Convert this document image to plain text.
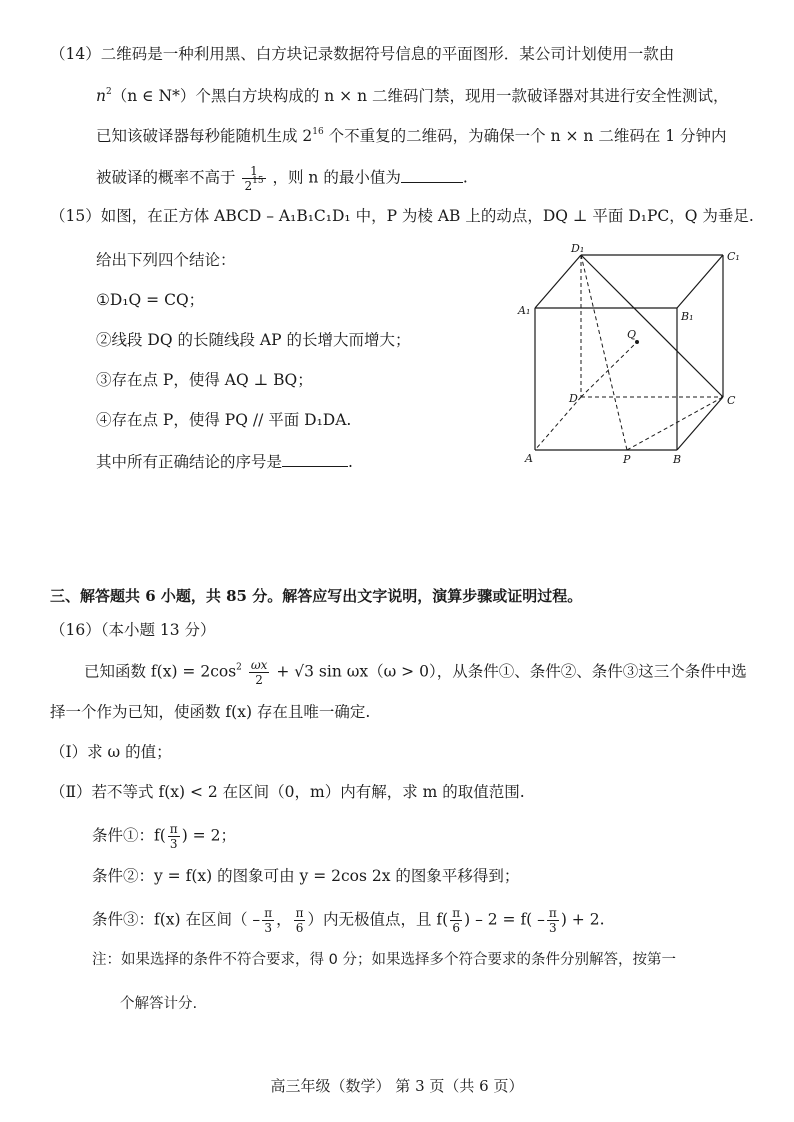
（14）二维码是一种利用黑、白方块记录数据符号信息的平面图形．某公司计划使用一款由
$n^2(n$ ∈ N*）个黑白方块构成的 n × n 二维码门禁，现用一款破译器对其进行安全性测试，
已知该破译器每秒能随机生成 $2^{16}$ 个不重复的二维码，为确保一个 n × n 二维码在 1 分钟内
被破译的概率不高于 $\frac{1}{2^{15}}$ ，则 n 的最小值为	.
（15）如图，在正方体 ABCD – A₁B₁C₁D₁ 中，P 为棱 AB 上的动点，DQ ⊥ 平面 D₁PC，Q 为垂足.
给出下列四个结论：
①D₁Q = CQ；
②线段 DQ 的长随线段 AP 的长增大而增大；
③存在点 P，使得 AQ ⊥ BQ；
④存在点 P，使得 PQ // 平面 D₁DA.
其中所有正确结论的序号是	.
D₁
C₁
A₁	B₁
Q
D	C
A	P	B
三、解答题共 6 小题，共 85 分。解答应写出文字说明，演算步骤或证明过程。
（16）（本小题 13 分）
已知函数 $f(x) = 2\cos^2 \frac{\omega x}{2} + √3$ sin ωx（ω > 0），从条件①、条件②、条件③这三个条件中选
择一个作为已知，使函数 f(x) 存在且唯一确定.
（Ⅰ）求 ω 的值；
（Ⅱ）若不等式 f(x) < 2 在区间（0，m）内有解，求 m 的取值范围.
条件①：$f( \frac{\pi}{3}$ ) = 2；
条件②：y = f(x) 的图象可由 y = 2cos 2x 的图象平移得到；
条件③：f(x) 在区间（ – $\frac{\pi}{3}$ ， $\frac{\pi}{6}$ ）内无极值点，且 $f( \frac{\pi}{6}$ ) – $2 = f( - \frac{\pi}{3}$ ) + 2.
注：如果选择的条件不符合要求，得 0 分；如果选择多个符合要求的条件分别解答，按第一
个解答计分.
高三年级（数学） 第 3 页（共 6 页）
